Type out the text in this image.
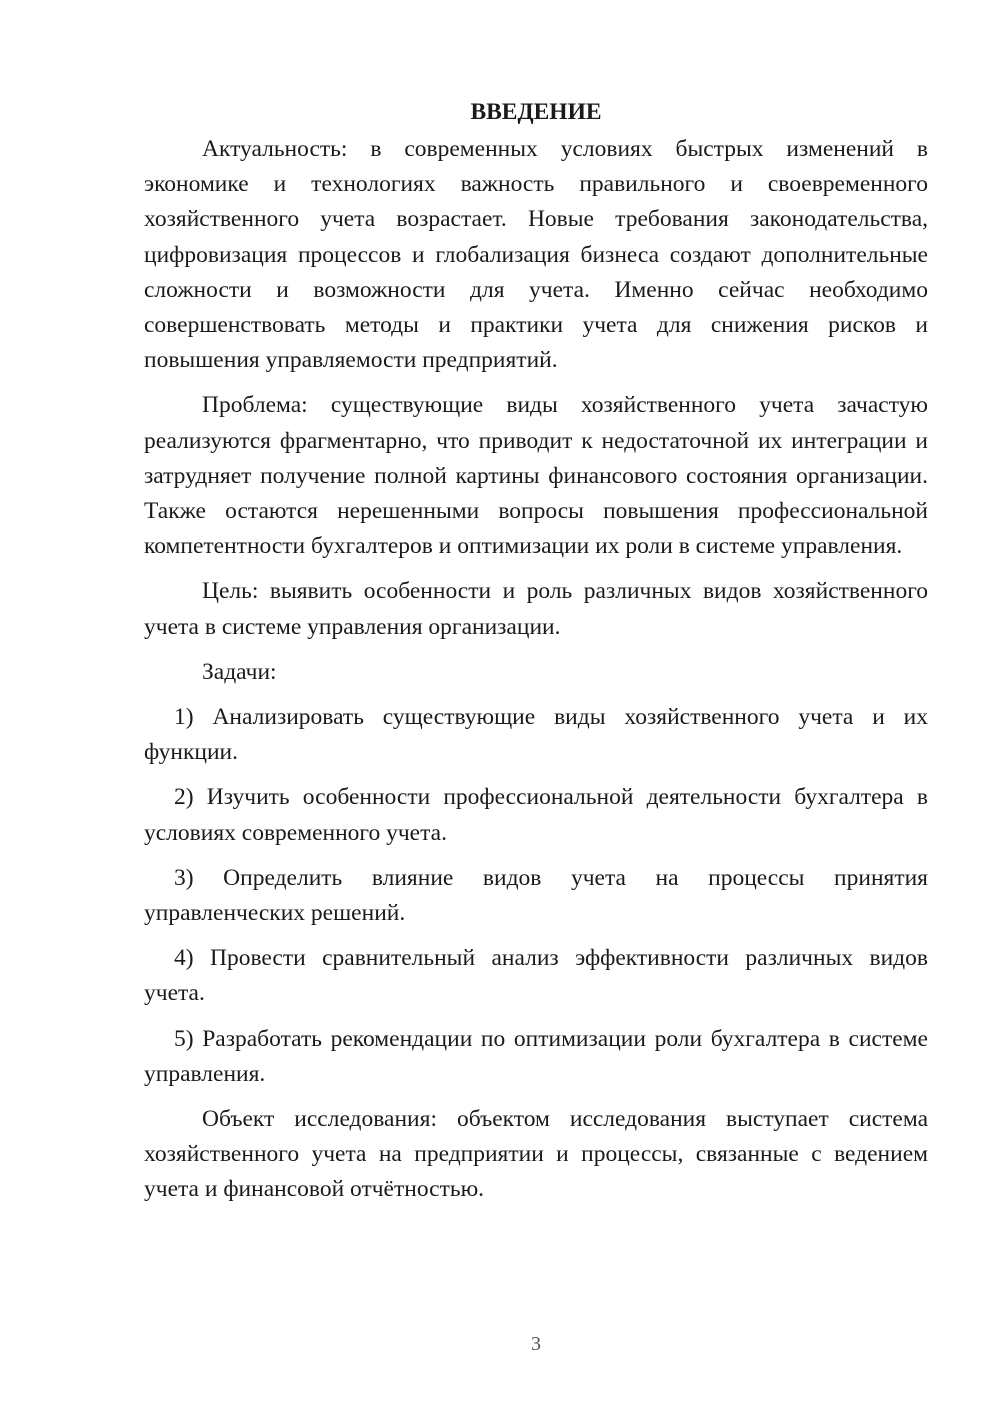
ВВЕДЕНИЕ

Актуальность: в современных условиях быстрых изменений в экономике и технологиях важность правильного и своевременного хозяйственного учета возрастает. Новые требования законодательства, цифровизация процессов и глобализация бизнеса создают дополнительные сложности и возможности для учета. Именно сейчас необходимо совершенствовать методы и практики учета для снижения рисков и повышения управляемости предприятий.

Проблема: существующие виды хозяйственного учета зачастую реализуются фрагментарно, что приводит к недостаточной их интеграции и затрудняет получение полной картины финансового состояния организации. Также остаются нерешенными вопросы повышения профессиональной компетентности бухгалтеров и оптимизации их роли в системе управления.

Цель: выявить особенности и роль различных видов хозяйственного учета в системе управления организации.

Задачи:

1) Анализировать существующие виды хозяйственного учета и их функции.

2) Изучить особенности профессиональной деятельности бухгалтера в условиях современного учета.

3) Определить влияние видов учета на процессы принятия управленческих решений.

4) Провести сравнительный анализ эффективности различных видов учета.

5) Разработать рекомендации по оптимизации роли бухгалтера в системе управления.

Объект исследования: объектом исследования выступает система хозяйственного учета на предприятии и процессы, связанные с ведением учета и финансовой отчётностью.

3
